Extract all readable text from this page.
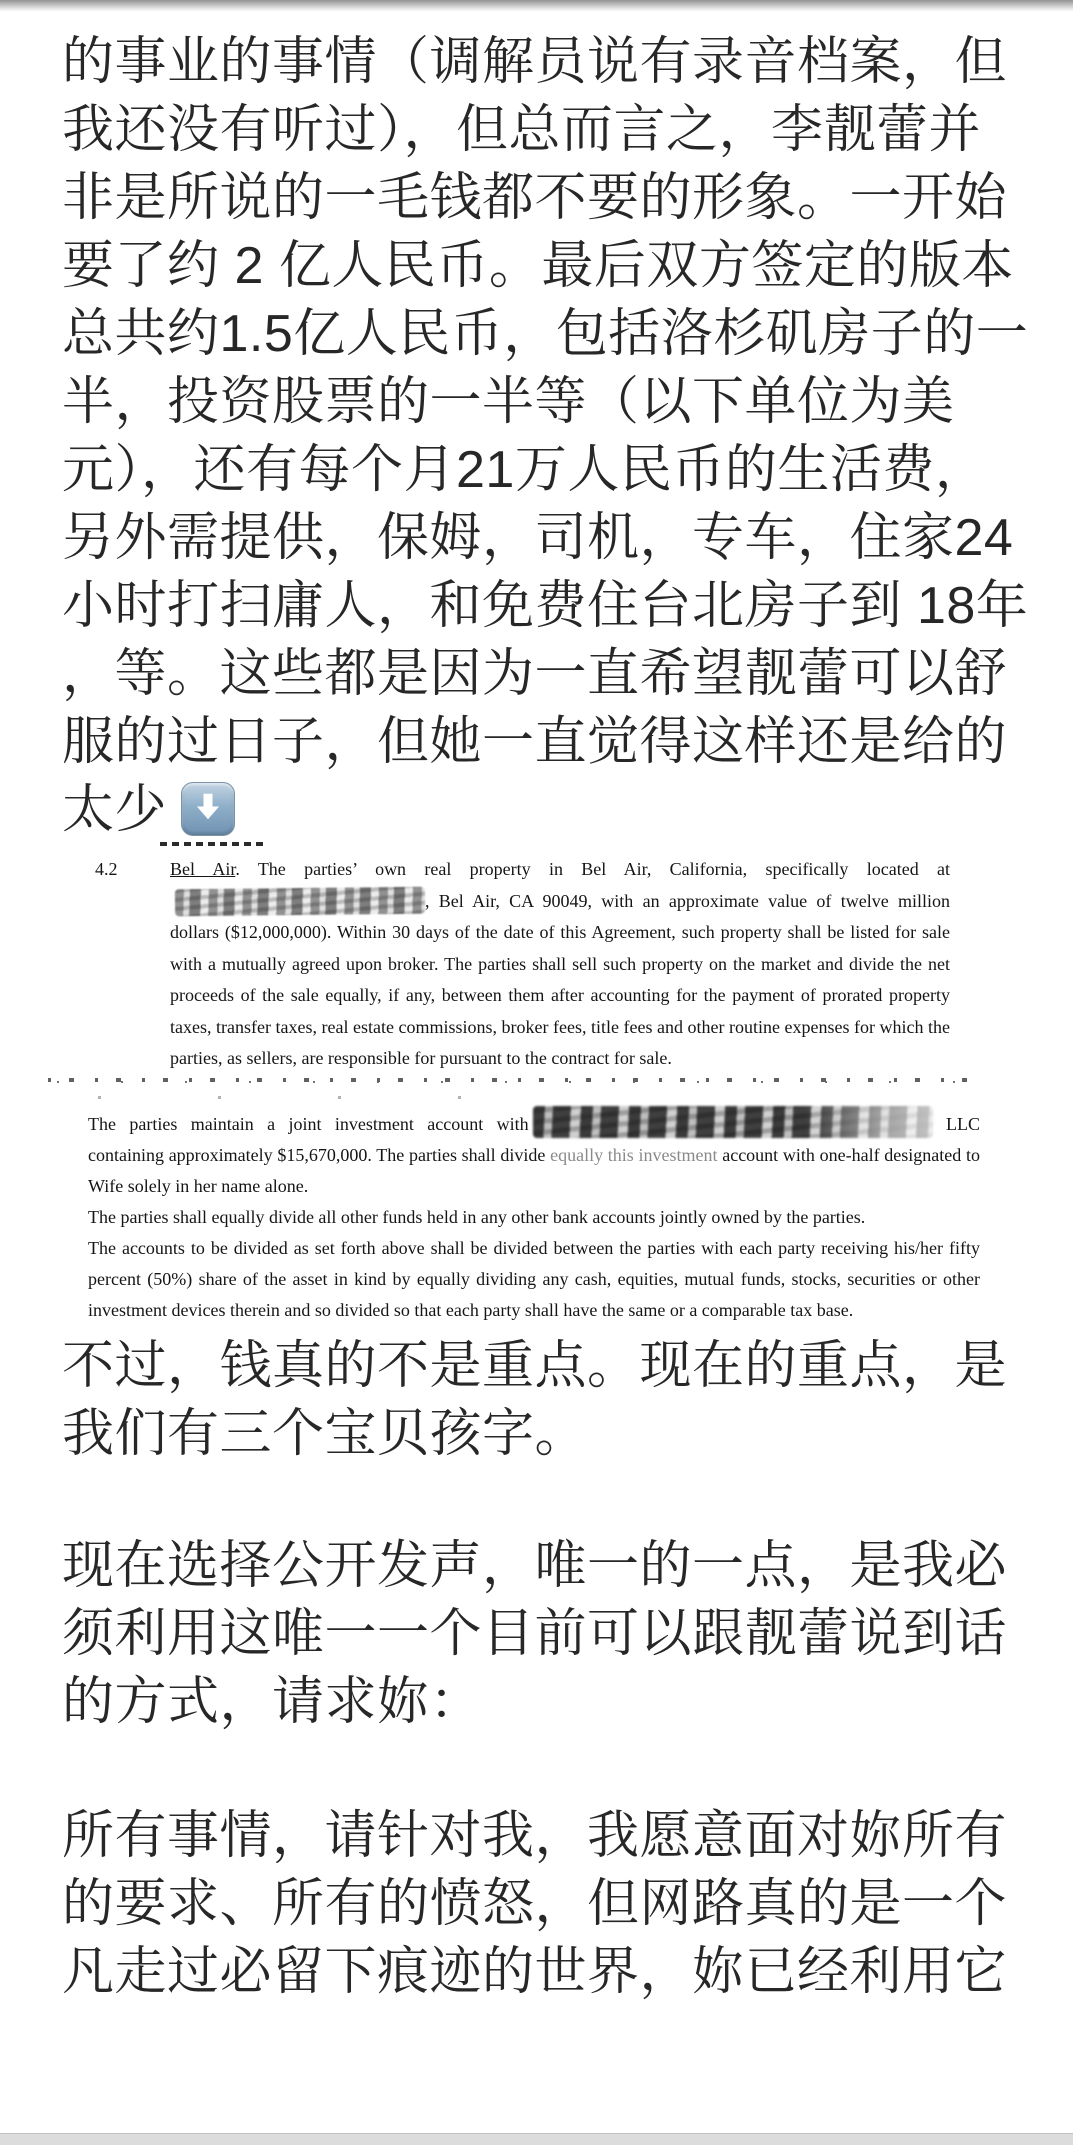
的事业的事情（调解员说有录音档案，但
我还没有听过），但总而言之，李靓蕾并
非是所说的一毛钱都不要的形象。一开始
要了约 2 亿人民币。最后双方签定的版本
总共约1.5亿人民币，包括洛杉矶房子的一
半，投资股票的一半等（以下单位为美
元），还有每个月21万人民币的生活费，
另外需提供，保姆，司机，专车，住家24
小时打扫庸人，和免费住台北房子到 18年
，等。这些都是因为一直希望靓蕾可以舒
服的过日子，但她一直觉得这样还是给的
太少
4.2	Bel Air. The parties’ own real property in Bel Air, California, specifically located at, Bel Air, CA 90049, with an approximate value of twelve million dollars ($12,000,000). Within 30 days of the date of this Agreement, such property shall be listed for sale with a mutually agreed upon broker. The parties shall sell such property on the market and divide the net proceeds of the sale equally, if any, between them after accounting for the payment of prorated property taxes, transfer taxes, real estate commissions, broker fees, title fees and other routine expenses for which the parties, as sellers, are responsible for pursuant to the contract for sale.

The parties maintain a joint investment account with	LLC containing approximately $15,670,000. The parties shall divide equally this investment account with one-half designated to Wife solely in her name alone.

The parties shall equally divide all other funds held in any other bank accounts jointly owned by the parties.

The accounts to be divided as set forth above shall be divided between the parties with each party receiving his/her fifty percent (50%) share of the asset in kind by equally dividing any cash, equities, mutual funds, stocks, securities or other investment devices therein and so divided so that each party shall have the same or a comparable tax base.

不过，钱真的不是重点。现在的重点，是
我们有三个宝贝孩字。
现在选择公开发声，唯一的一点，是我必
须利用这唯一一个目前可以跟靓蕾说到话
的方式，请求妳：
所有事情，请针对我，我愿意面对妳所有
的要求、所有的愤怒，但网路真的是一个
凡走过必留下痕迹的世界，妳已经利用它
